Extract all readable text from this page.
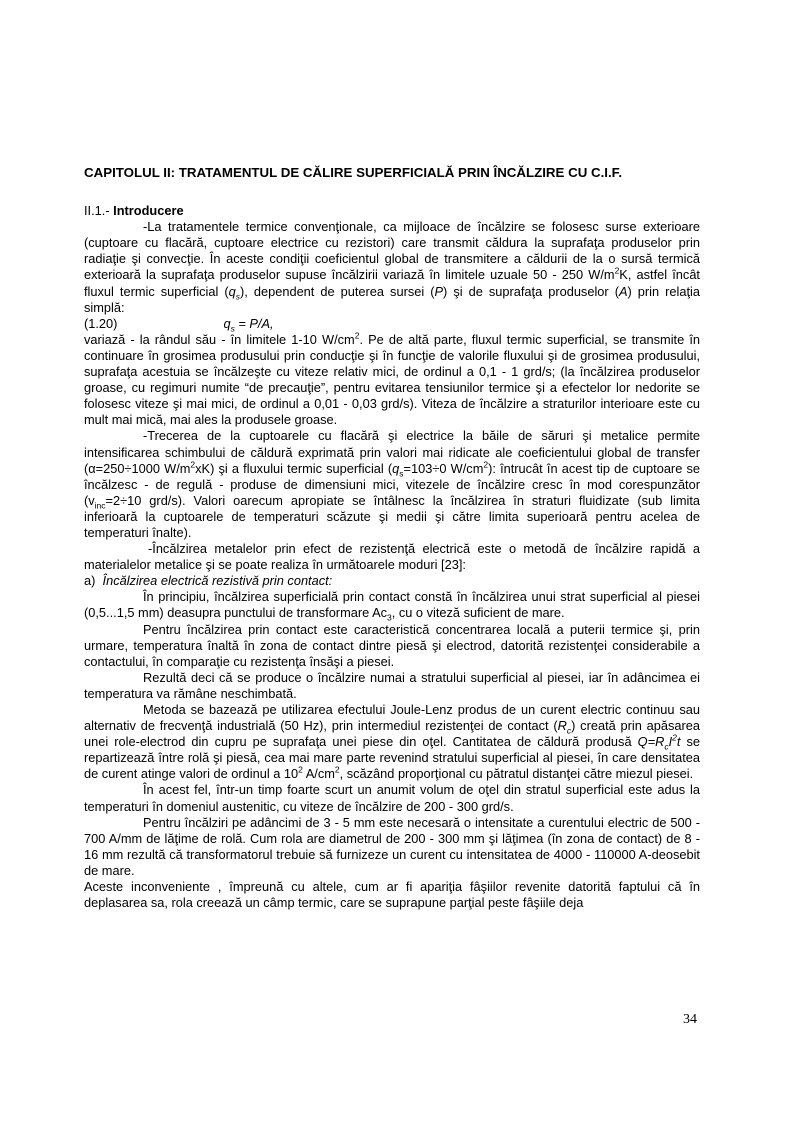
CAPITOLUL II: TRATAMENTUL DE CĂLIRE SUPERFICIALĂ PRIN ÎNCĂLZIRE CU C.I.F.

II.1.- Introducere

-La tratamentele termice convenţionale, ca mijloace de încălzire se folosesc surse exterioare (cuptoare cu flacără, cuptoare electrice cu rezistori) care transmit căldura la suprafaţa produselor prin radiaţie şi convecţie. În aceste condiţii coeficientul global de transmitere a căldurii de la o sursă termică exterioară la suprafaţa produselor supuse încălzirii variază în limitele uzuale 50 - 250 $W/m^2K$, astfel încât fluxul termic superficial $(q_s)$, dependent de puterea sursei (P) şi de suprafaţa produselor (A) prin relaţia simplă:

(1.20)	$q_s = P/A$,

variază - la rândul său - în limitele 1-10 $W/cm^2$. Pe de altă parte, fluxul termic superficial, se transmite în continuare în grosimea produsului prin conducţie şi în funcţie de valorile fluxului şi de grosimea produsului, suprafaţa acestuia se încălzeşte cu viteze relativ mici, de ordinul a 0,1 - 1 grd/s; (la încălzirea produselor groase, cu regimuri numite “de precauţie”, pentru evitarea tensiunilor termice şi a efectelor lor nedorite se folosesc viteze şi mai mici, de ordinul a 0,01 - 0,03 grd/s). Viteza de încălzire a straturilor interioare este cu mult mai mică, mai ales la produsele groase.

-Trecerea de la cuptoarele cu flacără şi electrice la băile de săruri şi metalice permite intensificarea schimbului de căldură exprimată prin valori mai ridicate ale coeficientului global de transfer (α=250÷1000 $W/m^2xK$) şi a fluxului termic superficial ($q_s=103\div 0$ $W/cm^2$): întrucât în acest tip de cuptoare se încălzesc - de regulă - produse de dimensiuni mici, vitezele de încălzire cresc în mod corespunzător ($v_{inc}=2\div 10$ grd/s). Valori oarecum apropiate se întâlnesc la încălzirea în straturi fluidizate (sub limita inferioară la cuptoarele de temperaturi scăzute şi medii şi către limita superioară pentru acelea de temperaturi înalte).

-Încălzirea metalelor prin efect de rezistenţă electrică este o metodă de încălzire rapidă a materialelor metalice şi se poate realiza în următoarele moduri [23]:

a) Încălzirea electrică rezistivă prin contact:

În principiu, încălzirea superficială prin contact constă în încălzirea unui strat superficial al piesei (0,5...1,5 mm) deasupra punctului de transformare $Ac_3$, cu o viteză suficient de mare.

Pentru încălzirea prin contact este caracteristică concentrarea locală a puterii termice şi, prin urmare, temperatura înaltă în zona de contact dintre piesă şi electrod, datorită rezistenţei considerabile a contactului, în comparaţie cu rezistenţa însăşi a piesei.

Rezultă deci că se produce o încălzire numai a stratului superficial al piesei, iar în adâncimea ei temperatura va rămâne neschimbată.

Metoda se bazează pe utilizarea efectului Joule-Lenz produs de un curent electric continuu sau alternativ de frecvenţă industrială (50 Hz), prin intermediul rezistenţei de contact $(R_c)$ creată prin apăsarea unei role-electrod din cupru pe suprafaţa unei piese din oţel. Cantitatea de căldură produsă $Q=R_cI^2t$ se repartizează între rolă şi piesă, cea mai mare parte revenind stratului superficial al piesei, în care densitatea de curent atinge valori de ordinul a $10^2$ $A/cm^2$, scăzând proporţional cu pătratul distanţei către miezul piesei.

În acest fel, într-un timp foarte scurt un anumit volum de oţel din stratul superficial este adus la temperaturi în domeniul austenitic, cu viteze de încălzire de 200 - 300 grd/s.

Pentru încălziri pe adâncimi de 3 - 5 mm este necesară o intensitate a curentului electric de 500 - 700 A/mm de lăţime de rolă. Cum rola are diametrul de 200 - 300 mm şi lăţimea (în zona de contact) de 8 - 16 mm rezultă că transformatorul trebuie să furnizeze un curent cu intensitatea de 4000 - 110000 A-deosebit de mare.

Aceste inconveniente , împreună cu altele, cum ar fi apariţia fâşiilor revenite datorită faptului că în deplasarea sa, rola creează un câmp termic, care se suprapune parţial peste fâşiile deja

34
